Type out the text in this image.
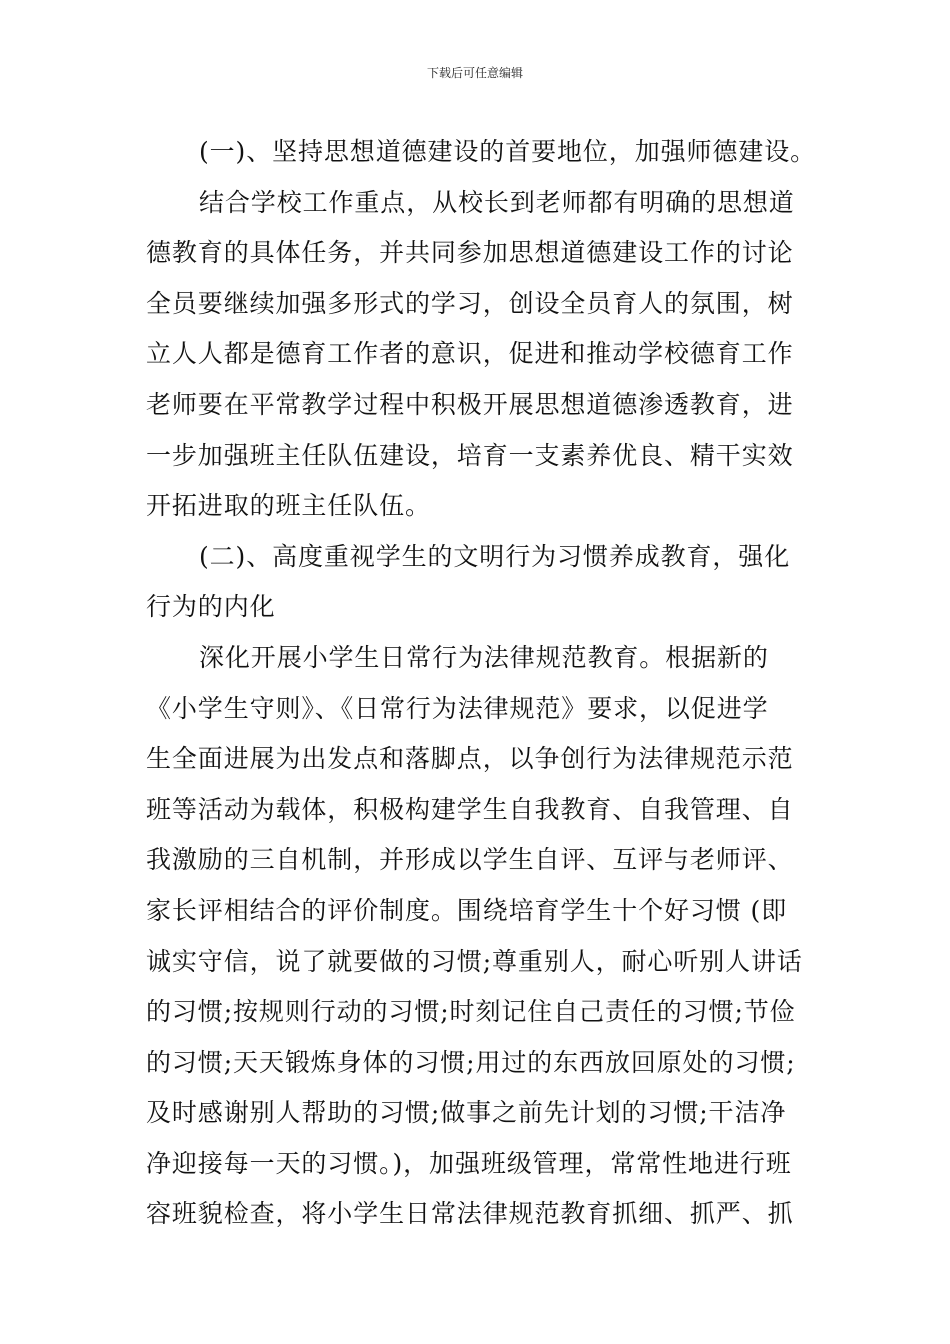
下载后可任意编辑
(一)、坚持思想道德建设的首要地位，加强师德建设。
结合学校工作重点，从校长到老师都有明确的思想道
德教育的具体任务，并共同参加思想道德建设工作的讨论
全员要继续加强多形式的学习，创设全员育人的氛围，树
立人人都是德育工作者的意识，促进和推动学校德育工作
老师要在平常教学过程中积极开展思想道德渗透教育，进
一步加强班主任队伍建设，培育一支素养优良、精干实效
开拓进取的班主任队伍。
(二)、高度重视学生的文明行为习惯养成教育，强化
行为的内化
深化开展小学生日常行为法律规范教育。根据新的
《小学生守则》、《日常行为法律规范》要求，以促进学
生全面进展为出发点和落脚点，以争创行为法律规范示范
班等活动为载体，积极构建学生自我教育、自我管理、自
我激励的三自机制，并形成以学生自评、互评与老师评、
家长评相结合的评价制度。围绕培育学生十个好习惯 (即
诚实守信，说了就要做的习惯;尊重别人，耐心听别人讲话
的习惯;按规则行动的习惯;时刻记住自己责任的习惯;节俭
的习惯;天天锻炼身体的习惯;用过的东西放回原处的习惯;
及时感谢别人帮助的习惯;做事之前先计划的习惯;干洁净
净迎接每一天的习惯。)，加强班级管理，常常性地进行班
容班貌检查，将小学生日常法律规范教育抓细、抓严、抓
